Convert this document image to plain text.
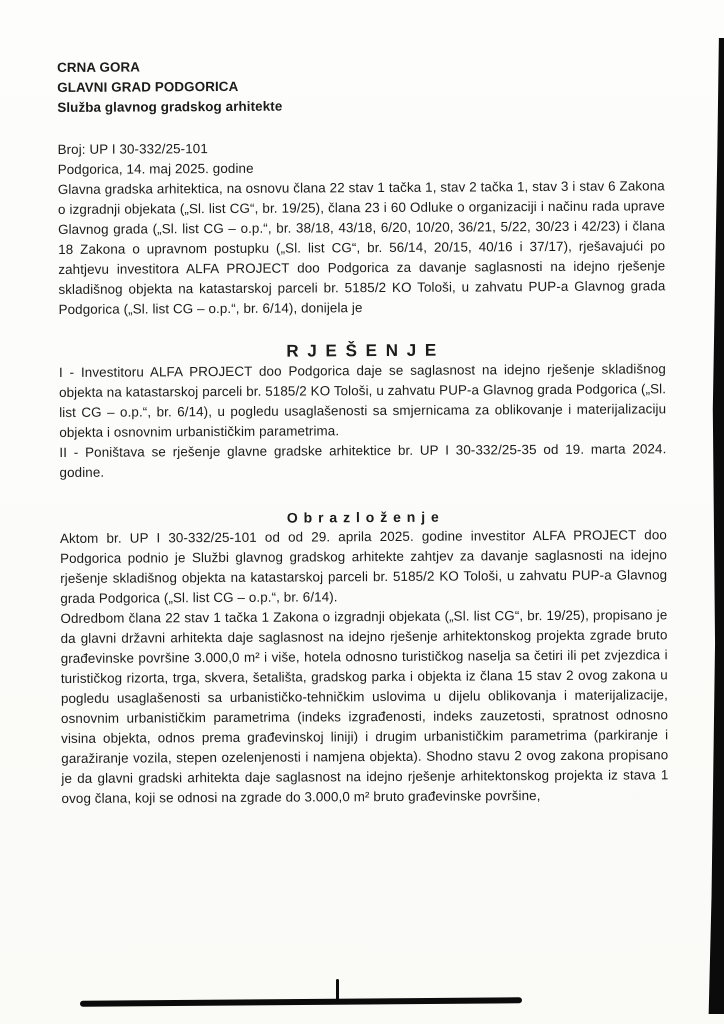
CRNA GORA
GLAVNI GRAD PODGORICA
Služba glavnog gradskog arhitekte
Broj: UP I 30-332/25-101
Podgorica, 14. maj 2025. godine

Glavna gradska arhitektica, na osnovu člana 22 stav 1 tačka 1, stav 2 tačka 1, stav 3 i stav 6 Zakona o izgradnji objekata („Sl. list CG“, br. 19/25), člana 23 i 60 Odluke o organizaciji i načinu rada uprave Glavnog grada („Sl. list CG – o.p.“, br. 38/18, 43/18, 6/20, 10/20, 36/21, 5/22, 30/23 i 42/23) i člana 18 Zakona o upravnom postupku („Sl. list CG“, br. 56/14, 20/15, 40/16 i 37/17), rješavajući po zahtjevu investitora ALFA PROJECT doo Podgorica za davanje saglasnosti na idejno rješenje skladišnog objekta na katastarskoj parceli br. 5185/2 KO Tološi, u zahvatu PUP-a Glavnog grada Podgorica („Sl. list CG – o.p.“, br. 6/14), donijela je

R J E Š E N J E

I - Investitoru ALFA PROJECT doo Podgorica daje se saglasnost na idejno rješenje skladišnog objekta na katastarskoj parceli br. 5185/2 KO Tološi, u zahvatu PUP-a Glavnog grada Podgorica („Sl. list CG – o.p.“, br. 6/14), u pogledu usaglašenosti sa smjernicama za oblikovanje i materijalizaciju objekta i osnovnim urbanističkim parametrima.

II - Poništava se rješenje glavne gradske arhitektice br. UP I 30-332/25-35 od 19. marta 2024. godine.

O b r a z l o ž e n j e

Aktom br. UP I 30-332/25-101 od od 29. aprila 2025. godine investitor ALFA PROJECT doo Podgorica podnio je Službi glavnog gradskog arhitekte zahtjev za davanje saglasnosti na idejno rješenje skladišnog objekta na katastarskoj parceli br. 5185/2 KO Tološi, u zahvatu PUP-a Glavnog grada Podgorica („Sl. list CG – o.p.“, br. 6/14).

Odredbom člana 22 stav 1 tačka 1 Zakona o izgradnji objekata („Sl. list CG“, br. 19/25), propisano je da glavni državni arhitekta daje saglasnost na idejno rješenje arhitektonskog projekta zgrade bruto građevinske površine 3.000,0 m² i više, hotela odnosno turističkog naselja sa četiri ili pet zvjezdica i turističkog rizorta, trga, skvera, šetališta, gradskog parka i objekta iz člana 15 stav 2 ovog zakona u pogledu usaglašenosti sa urbanističko-tehničkim uslovima u dijelu oblikovanja i materijalizacije, osnovnim urbanističkim parametrima (indeks izgrađenosti, indeks zauzetosti, spratnost odnosno visina objekta, odnos prema građevinskoj liniji) i drugim urbanističkim parametrima (parkiranje i garažiranje vozila, stepen ozelenjenosti i namjena objekta). Shodno stavu 2 ovog zakona propisano je da glavni gradski arhitekta daje saglasnost na idejno rješenje arhitektonskog projekta iz stava 1 ovog člana, koji se odnosi na zgrade do 3.000,0 m² bruto građevinske površine,
